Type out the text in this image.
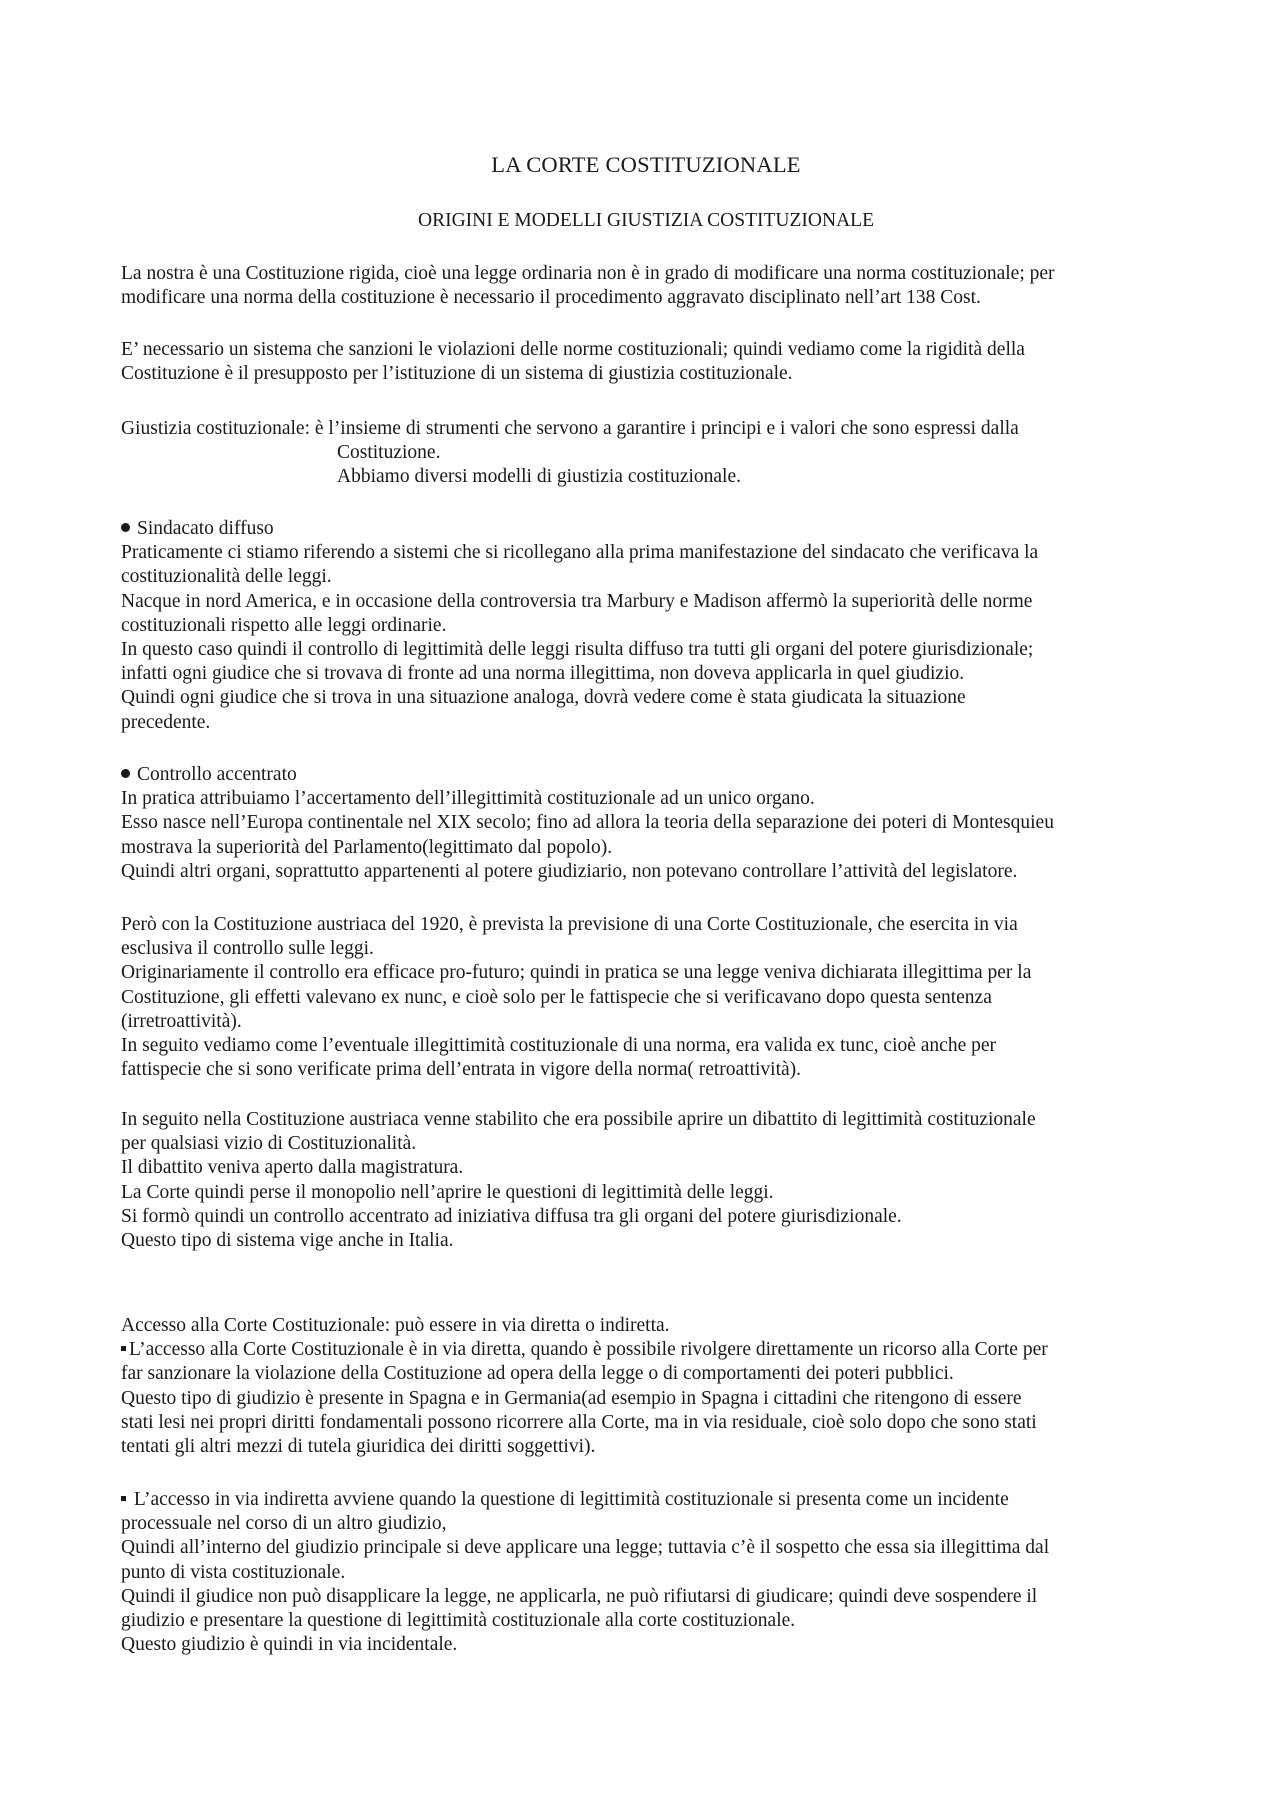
LA CORTE COSTITUZIONALE
ORIGINI E MODELLI GIUSTIZIA COSTITUZIONALE
La nostra è una Costituzione rigida, cioè una legge ordinaria non è in grado di modificare una norma costituzionale; per
modificare una norma della costituzione è necessario il procedimento aggravato disciplinato nell’art 138 Cost.
E’ necessario un sistema che sanzioni le violazioni delle norme costituzionali; quindi vediamo come la rigidità della
Costituzione è il presupposto per l’istituzione di un sistema di giustizia costituzionale.
Giustizia costituzionale: è l’insieme di strumenti che servono a garantire i principi e i valori che sono espressi dalla
Costituzione.
Abbiamo diversi modelli di giustizia costituzionale.
Sindacato diffuso
Praticamente ci stiamo riferendo a sistemi che si ricollegano alla prima manifestazione del sindacato che verificava la
costituzionalità delle leggi.
Nacque in nord America, e in occasione della controversia tra Marbury e Madison affermò la superiorità delle norme
costituzionali rispetto alle leggi ordinarie.
In questo caso quindi il controllo di legittimità delle leggi risulta diffuso tra tutti gli organi del potere giurisdizionale;
infatti ogni giudice che si trovava di fronte ad una norma illegittima, non doveva applicarla in quel giudizio.
Quindi ogni giudice che si trova in una situazione analoga, dovrà vedere come è stata giudicata la situazione
precedente.
Controllo accentrato
In pratica attribuiamo l’accertamento dell’illegittimità costituzionale ad un unico organo.
Esso nasce nell’Europa continentale nel XIX secolo; fino ad allora la teoria della separazione dei poteri di Montesquieu
mostrava la superiorità del Parlamento(legittimato dal popolo).
Quindi altri organi, soprattutto appartenenti al potere giudiziario, non potevano controllare l’attività del legislatore.
Però con la Costituzione austriaca del 1920, è prevista la previsione di una Corte Costituzionale, che esercita in via
esclusiva il controllo sulle leggi.
Originariamente il controllo era efficace pro-futuro; quindi in pratica se una legge veniva dichiarata illegittima per la
Costituzione, gli effetti valevano ex nunc, e cioè solo per le fattispecie che si verificavano dopo questa sentenza
(irretroattività).
In seguito vediamo come l’eventuale illegittimità costituzionale di una norma, era valida ex tunc, cioè anche per
fattispecie che si sono verificate prima dell’entrata in vigore della norma( retroattività).
In seguito nella Costituzione austriaca venne stabilito che era possibile aprire un dibattito di legittimità costituzionale
per qualsiasi vizio di Costituzionalità.
Il dibattito veniva aperto dalla magistratura.
La Corte quindi perse il monopolio nell’aprire le questioni di legittimità delle leggi.
Si formò quindi un controllo accentrato ad iniziativa diffusa tra gli organi del potere giurisdizionale.
Questo tipo di sistema vige anche in Italia.
Accesso alla Corte Costituzionale: può essere in via diretta o indiretta.
L’accesso alla Corte Costituzionale è in via diretta, quando è possibile rivolgere direttamente un ricorso alla Corte per
far sanzionare la violazione della Costituzione ad opera della legge o di comportamenti dei poteri pubblici.
Questo tipo di giudizio è presente in Spagna e in Germania(ad esempio in Spagna i cittadini che ritengono di essere
stati lesi nei propri diritti fondamentali possono ricorrere alla Corte, ma in via residuale, cioè solo dopo che sono stati
tentati gli altri mezzi di tutela giuridica dei diritti soggettivi).
L’accesso in via indiretta avviene quando la questione di legittimità costituzionale si presenta come un incidente
processuale nel corso di un altro giudizio,
Quindi all’interno del giudizio principale si deve applicare una legge; tuttavia c’è il sospetto che essa sia illegittima dal
punto di vista costituzionale.
Quindi il giudice non può disapplicare la legge, ne applicarla, ne può rifiutarsi di giudicare; quindi deve sospendere il
giudizio e presentare la questione di legittimità costituzionale alla corte costituzionale.
Questo giudizio è quindi in via incidentale.
